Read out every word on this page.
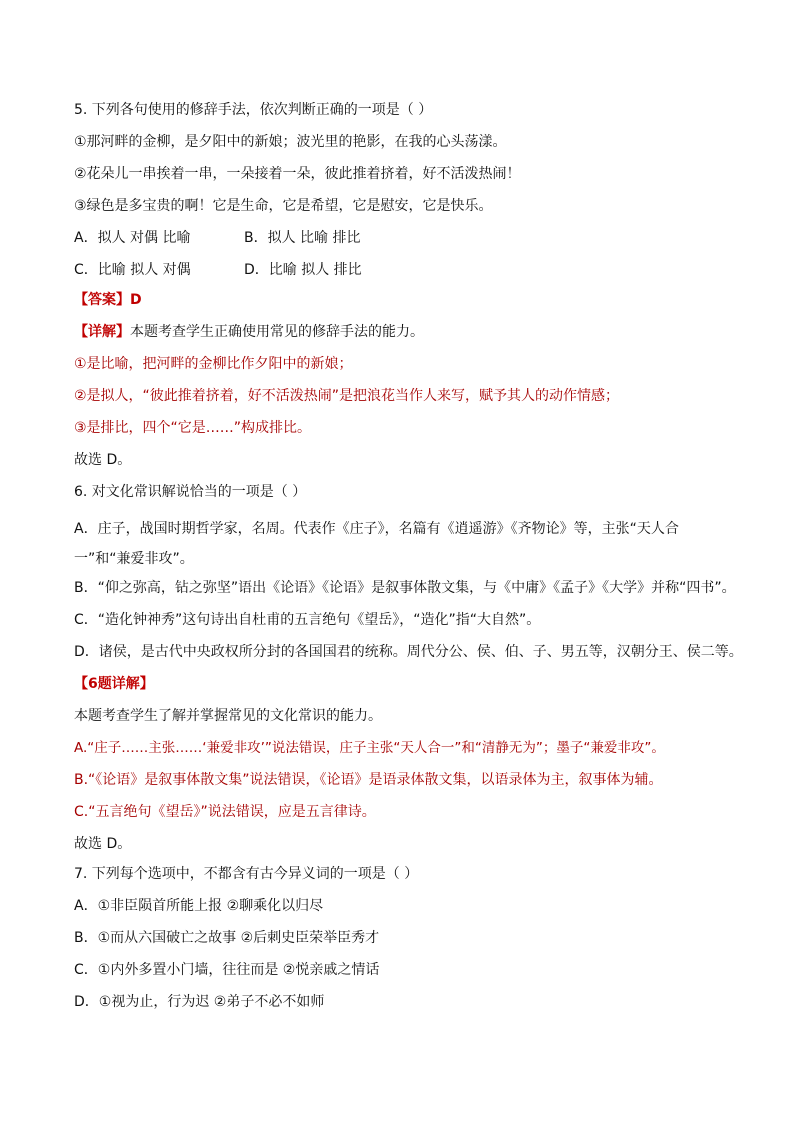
5. 下列各句使用的修辞手法，依次判断正确的一项是（ ）
①那河畔的金柳，是夕阳中的新娘；波光里的艳影，在我的心头荡漾。
②花朵儿一串挨着一串，一朵接着一朵，彼此推着挤着，好不活泼热闹！
③绿色是多宝贵的啊！它是生命，它是希望，它是慰安，它是快乐。
A．拟人 对偶 比喻	B．拟人 比喻 排比
C．比喻 拟人 对偶	D．比喻 拟人 排比
【答案】D
【详解】本题考查学生正确使用常见的修辞手法的能力。
①是比喻，把河畔的金柳比作夕阳中的新娘；
②是拟人，“彼此推着挤着，好不活泼热闹”是把浪花当作人来写，赋予其人的动作情感；
③是排比，四个“它是……”构成排比。
故选 D。
6. 对文化常识解说恰当的一项是（ ）
A．庄子，战国时期哲学家，名周。代表作《庄子》，名篇有《逍遥游》《齐物论》等，主张“天人合一”和“兼爱非攻”。
B．“仰之弥高，钻之弥坚”语出《论语》《论语》是叙事体散文集，与《中庸》《孟子》《大学》并称“四书”。
C．“造化钟神秀”这句诗出自杜甫的五言绝句《望岳》，“造化”指“大自然”。
D．诸侯，是古代中央政权所分封的各国国君的统称。周代分公、侯、伯、子、男五等，汉朝分王、侯二等。
【6题详解】
本题考查学生了解并掌握常见的文化常识的能力。
A.“庄子……主张……‘兼爱非攻’”说法错误，庄子主张“天人合一”和“清静无为”；墨子“兼爱非攻”。
B.“《论语》是叙事体散文集”说法错误，《论语》是语录体散文集，以语录体为主，叙事体为辅。
C.“五言绝句《望岳》”说法错误，应是五言律诗。
故选 D。
7. 下列每个选项中，不都含有古今异义词的一项是（ ）
A．①非臣陨首所能上报 ②聊乘化以归尽
B．①而从六国破亡之故事 ②后刺史臣荣举臣秀才
C．①内外多置小门墙，往往而是 ②悦亲戚之情话
D．①视为止，行为迟 ②弟子不必不如师
